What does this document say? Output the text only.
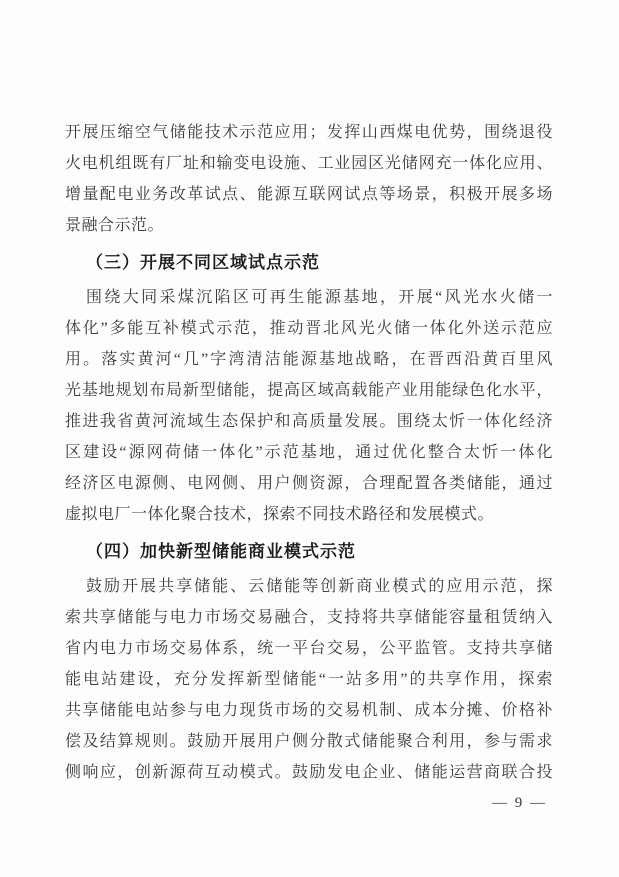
开展压缩空气储能技术示范应用；发挥山西煤电优势，围绕退役
火电机组既有厂址和输变电设施、工业园区光储网充一体化应用、
增量配电业务改革试点、能源互联网试点等场景，积极开展多场
景融合示范。
（三）开展不同区域试点示范
围绕大同采煤沉陷区可再生能源基地，开展“风光水火储一
体化”多能互补模式示范，推动晋北风光火储一体化外送示范应
用。落实黄河“几”字湾清洁能源基地战略，在晋西沿黄百里风
光基地规划布局新型储能，提高区域高载能产业用能绿色化水平，
推进我省黄河流域生态保护和高质量发展。围绕太忻一体化经济
区建设“源网荷储一体化”示范基地，通过优化整合太忻一体化
经济区电源侧、电网侧、用户侧资源，合理配置各类储能，通过
虚拟电厂一体化聚合技术，探索不同技术路径和发展模式。
（四）加快新型储能商业模式示范
鼓励开展共享储能、云储能等创新商业模式的应用示范，探
索共享储能与电力市场交易融合，支持将共享储能容量租赁纳入
省内电力市场交易体系，统一平台交易，公平监管。支持共享储
能电站建设，充分发挥新型储能“一站多用”的共享作用，探索
共享储能电站参与电力现货市场的交易机制、成本分摊、价格补
偿及结算规则。鼓励开展用户侧分散式储能聚合利用，参与需求
侧响应，创新源荷互动模式。鼓励发电企业、储能运营商联合投
— 9 —
